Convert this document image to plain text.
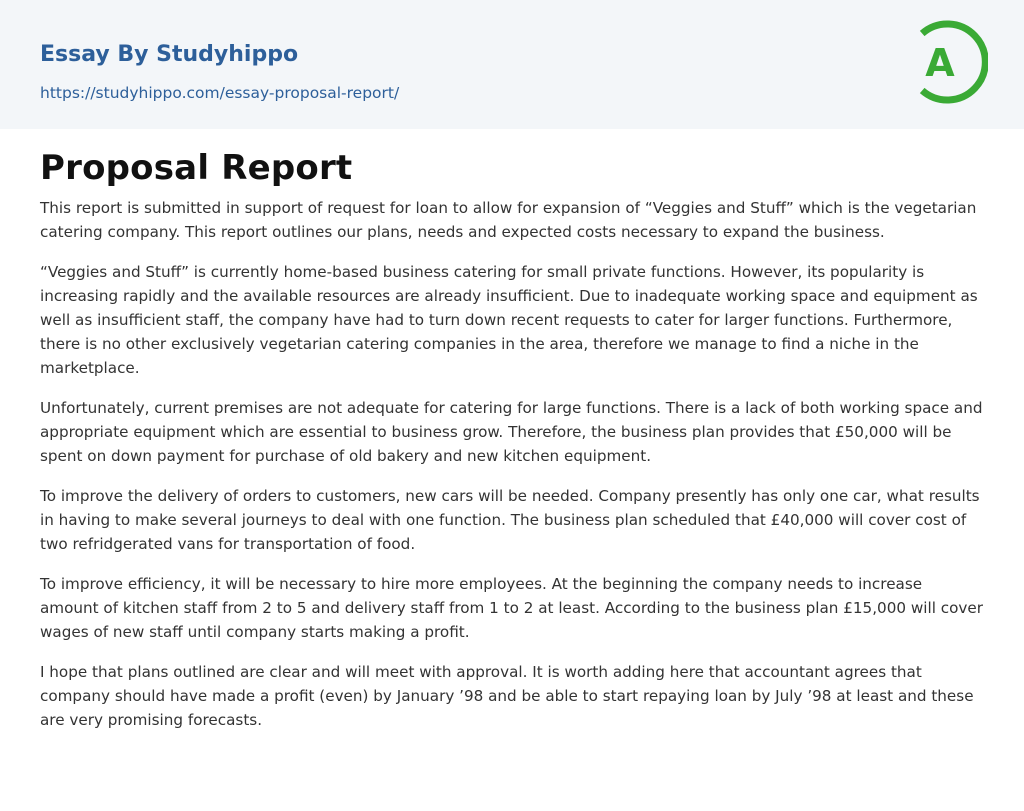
Essay By Studyhippo
https://studyhippo.com/essay-proposal-report/
A
Proposal Report

This report is submitted in support of request for loan to allow for expansion of “Veggies and Stuff” which is the vegetarian catering company. This report outlines our plans, needs and expected costs necessary to expand the business.

“Veggies and Stuff” is currently home-based business catering for small private functions. However, its popularity is increasing rapidly and the available resources are already insufficient. Due to inadequate working space and equipment as well as insufficient staff, the company have had to turn down recent requests to cater for larger functions. Furthermore, there is no other exclusively vegetarian catering companies in the area, therefore we manage to find a niche in the marketplace.

Unfortunately, current premises are not adequate for catering for large functions. There is a lack of both working space and appropriate equipment which are essential to business grow. Therefore, the business plan provides that £50,000 will be spent on down payment for purchase of old bakery and new kitchen equipment.

To improve the delivery of orders to customers, new cars will be needed. Company presently has only one car, what results in having to make several journeys to deal with one function. The business plan scheduled that £40,000 will cover cost of two refridgerated vans for transportation of food.

To improve efficiency, it will be necessary to hire more employees. At the beginning the company needs to increase amount of kitchen staff from 2 to 5 and delivery staff from 1 to 2 at least. According to the business plan £15,000 will cover wages of new staff until company starts making a profit.

I hope that plans outlined are clear and will meet with approval. It is worth adding here that accountant agrees that company should have made a profit (even) by January ’98 and be able to start repaying loan by July ’98 at least and these are very promising forecasts.
